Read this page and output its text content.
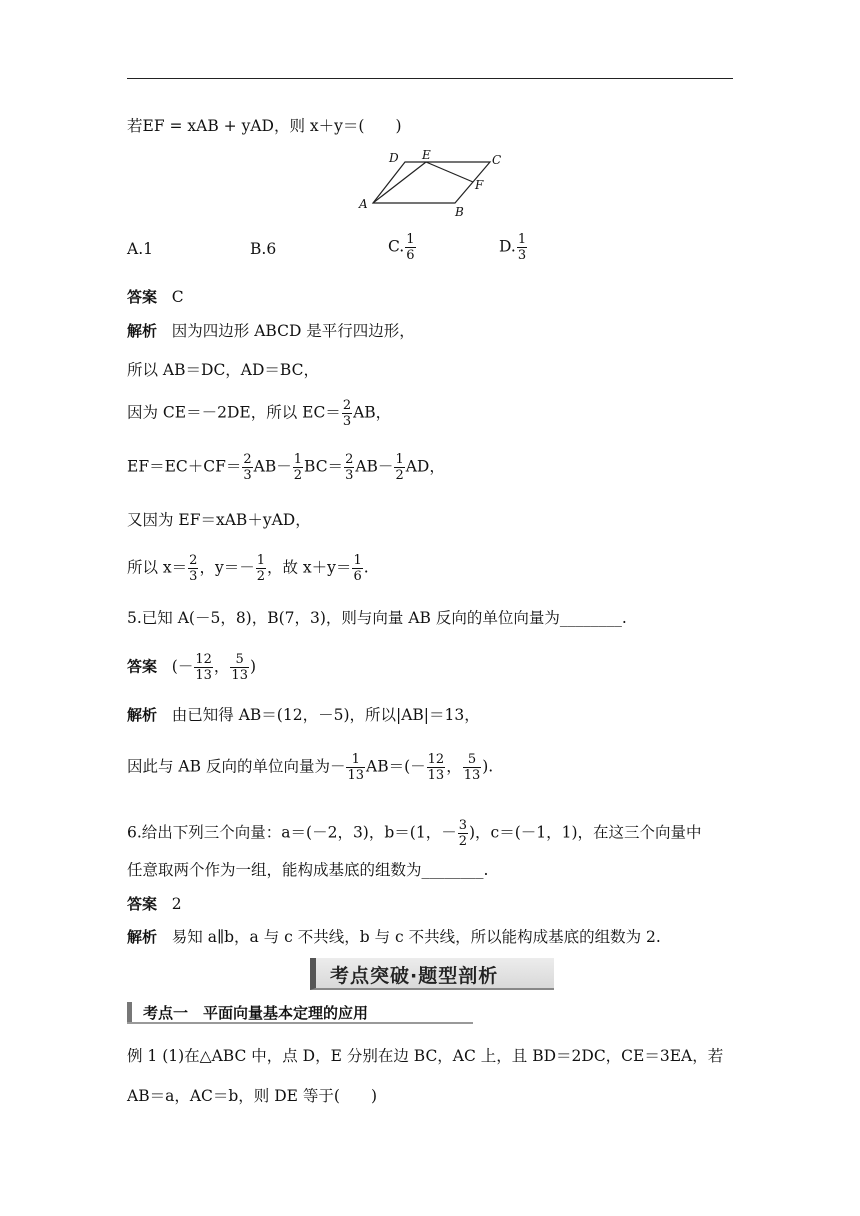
若EF = xAB + yAD，则 x＋y＝(　　)
A
B
C
D E
F
A.1	B.6	C. $\frac{1}{6}$	D. $\frac{1}{3}$
答案 C
解析 因为四边形 ABCD 是平行四边形，
所以 AB＝DC，AD＝BC，
因为 CE＝－2DE，所以 $EC= \frac{2}{3}$ AB，
$EF=EC+CF= \frac{2}{3} AB- \frac{1}{2} BC= \frac{2}{3} AB- \frac{1}{2}$ AD，
又因为 EF＝xAB＋yAD，
所以 $x= \frac{2}{3}$ ，$y=- \frac{1}{2}$ ，故 $x+y= \frac{1}{6}$ .
5.已知 A(－5，8)，B(7，3)，则与向量 AB 反向的单位向量为________.
答案   (－ $\frac{12}{13}$ ， $\frac{5}{13}$ )
解析 由已知得 AB＝(12，－5)，所以|AB|＝13，
因此与 AB 反向的单位向量为－ $\frac{1}{13} AB=(- \frac{12}{13}$ ， $\frac{5}{13}$ ).
6.给出下列三个向量：a＝(－2，3)，b＝(1，－ $\frac{3}{2}$ )，c＝(－1，1)，在这三个向量中
任意取两个作为一组，能构成基底的组数为________.
答案 2
解析 易知 a∥b，a 与 c 不共线，b 与 c 不共线，所以能构成基底的组数为 2.
考点突破·题型剖析
考点一　平面向量基本定理的应用
例 1 (1)在△ABC 中，点 D，E 分别在边 BC，AC 上，且 BD＝2DC，CE＝3EA，若
AB＝a，AC＝b，则 DE 等于(　　)
